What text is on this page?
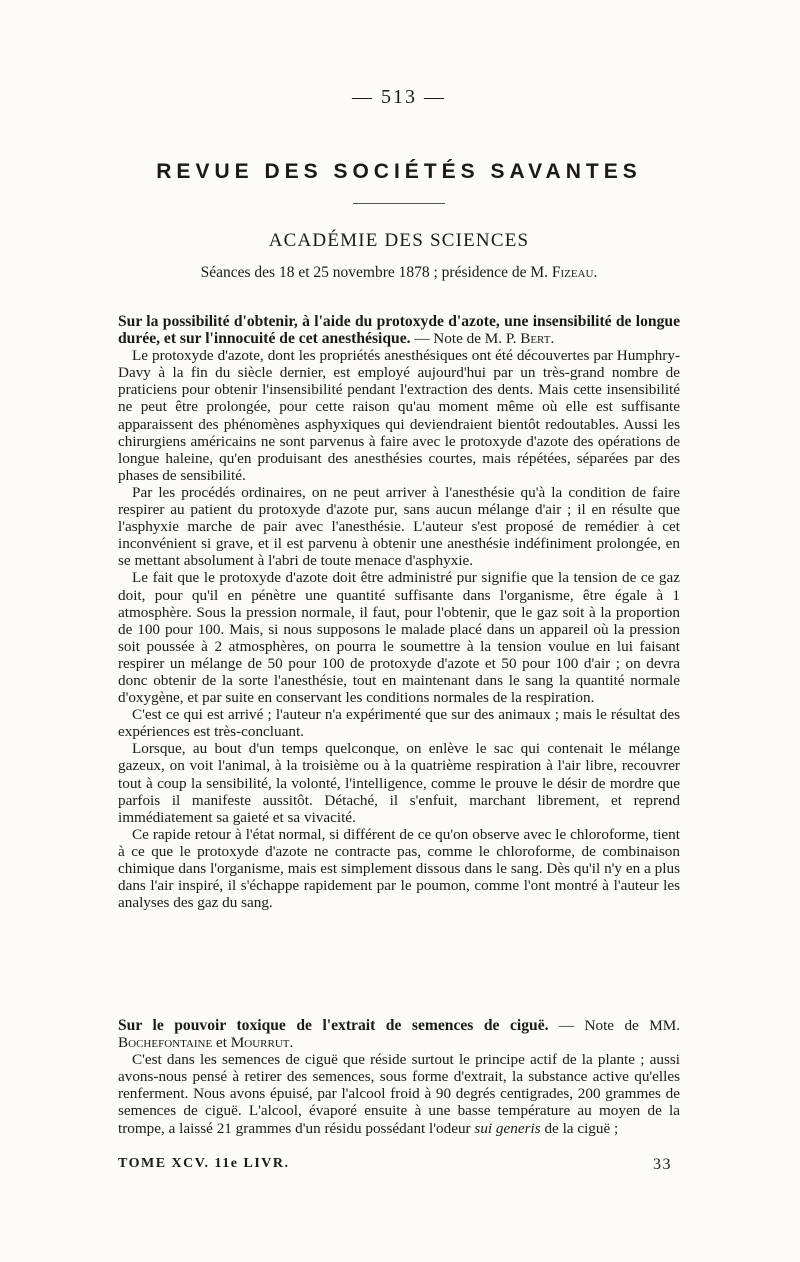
— 513 —
REVUE DES SOCIÉTÉS SAVANTES
ACADÉMIE DES SCIENCES
Séances des 18 et 25 novembre 1878 ; présidence de M. Fizeau.

Sur la possibilité d'obtenir, à l'aide du protoxyde d'azote, une insensibilité de longue durée, et sur l'innocuité de cet anesthésique. — Note de M. P. Bert.

Le protoxyde d'azote, dont les propriétés anesthésiques ont été découvertes par Humphry-Davy à la fin du siècle dernier, est employé aujourd'hui par un très-grand nombre de praticiens pour obtenir l'insensibilité pendant l'extraction des dents. Mais cette insensibilité ne peut être prolongée, pour cette raison qu'au moment même où elle est suffisante apparaissent des phénomènes asphyxiques qui deviendraient bientôt redoutables. Aussi les chirurgiens américains ne sont parvenus à faire avec le protoxyde d'azote des opérations de longue haleine, qu'en produisant des anesthésies courtes, mais répétées, séparées par des phases de sensibilité.

Par les procédés ordinaires, on ne peut arriver à l'anesthésie qu'à la condition de faire respirer au patient du protoxyde d'azote pur, sans aucun mélange d'air ; il en résulte que l'asphyxie marche de pair avec l'anesthésie. L'auteur s'est proposé de remédier à cet inconvénient si grave, et il est parvenu à obtenir une anesthésie indéfiniment prolongée, en se mettant absolument à l'abri de toute menace d'asphyxie.

Le fait que le protoxyde d'azote doit être administré pur signifie que la tension de ce gaz doit, pour qu'il en pénètre une quantité suffisante dans l'organisme, être égale à 1 atmosphère. Sous la pression normale, il faut, pour l'obtenir, que le gaz soit à la proportion de 100 pour 100. Mais, si nous supposons le malade placé dans un appareil où la pression soit poussée à 2 atmosphères, on pourra le soumettre à la tension voulue en lui faisant respirer un mélange de 50 pour 100 de protoxyde d'azote et 50 pour 100 d'air ; on devra donc obtenir de la sorte l'anesthésie, tout en maintenant dans le sang la quantité normale d'oxygène, et par suite en conservant les conditions normales de la respiration.

C'est ce qui est arrivé ; l'auteur n'a expérimenté que sur des animaux ; mais le résultat des expériences est très-concluant.

Lorsque, au bout d'un temps quelconque, on enlève le sac qui contenait le mélange gazeux, on voit l'animal, à la troisième ou à la quatrième respiration à l'air libre, recouvrer tout à coup la sensibilité, la volonté, l'intelligence, comme le prouve le désir de mordre que parfois il manifeste aussitôt. Détaché, il s'enfuit, marchant librement, et reprend immédiatement sa gaieté et sa vivacité.

Ce rapide retour à l'état normal, si différent de ce qu'on observe avec le chloroforme, tient à ce que le protoxyde d'azote ne contracte pas, comme le chloroforme, de combinaison chimique dans l'organisme, mais est simplement dissous dans le sang. Dès qu'il n'y en a plus dans l'air inspiré, il s'échappe rapidement par le poumon, comme l'ont montré à l'auteur les analyses des gaz du sang.

Sur le pouvoir toxique de l'extrait de semences de ciguë. — Note de MM. Bochefontaine et Mourrut.

C'est dans les semences de ciguë que réside surtout le principe actif de la plante ; aussi avons-nous pensé à retirer des semences, sous forme d'extrait, la substance active qu'elles renferment. Nous avons épuisé, par l'alcool froid à 90 degrés centigrades, 200 grammes de semences de ciguë. L'alcool, évaporé ensuite à une basse température au moyen de la trompe, a laissé 21 grammes d'un résidu possédant l'odeur sui generis de la ciguë ;

TOME XCV. 11e LIVR.	33
